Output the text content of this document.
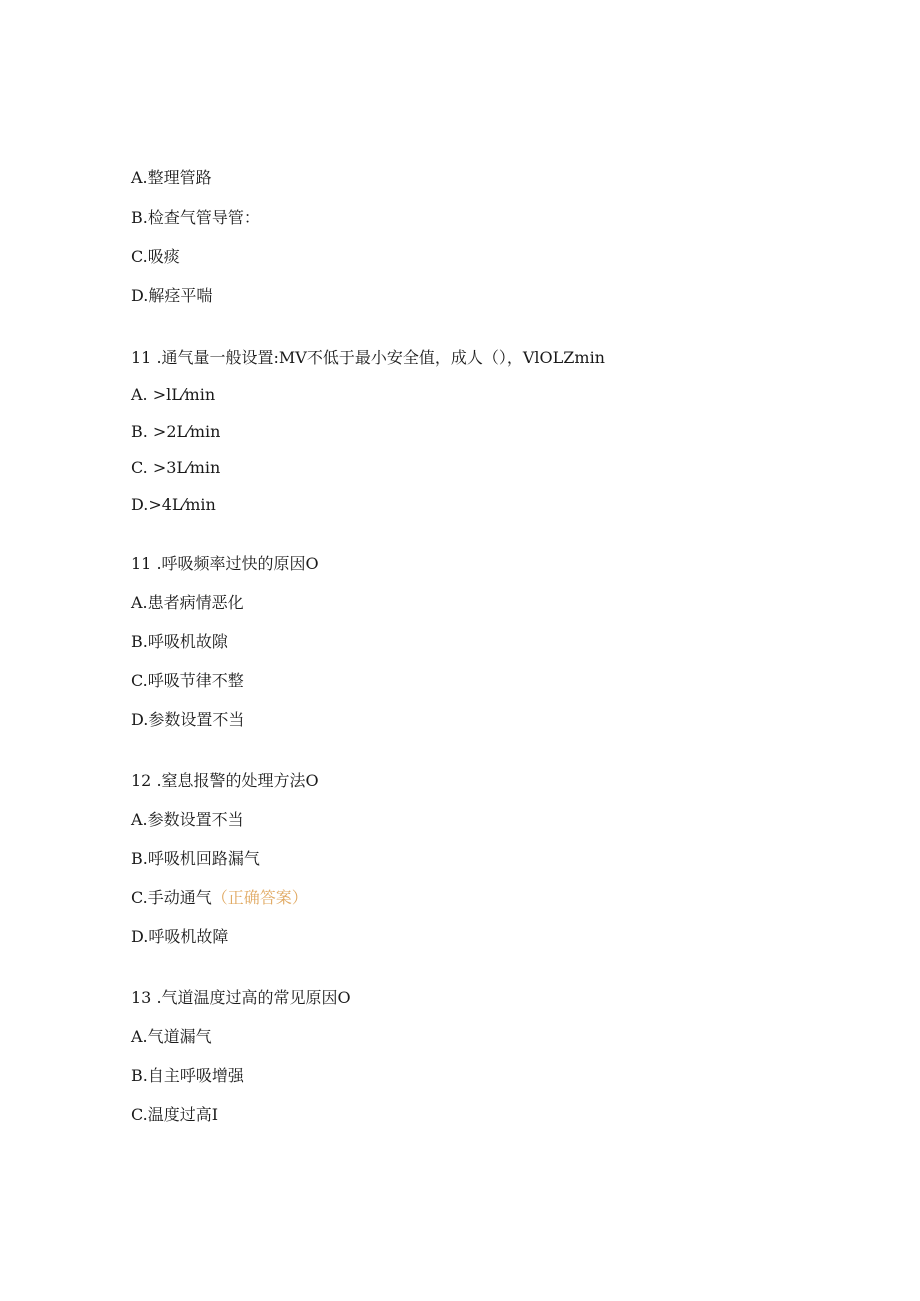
A.整理管路
B.检查气管导管：
C.吸痰
D.解痉平喘
11 .通气量一般设置:MV不低于最小安全值，成人（），VlOLZmin
A. >lL⁄min
B. >2L⁄min
C. >3L⁄min
D.>4L⁄min
11 .呼吸频率过快的原因O
A.患者病情恶化
B.呼吸机故隙
C.呼吸节律不整
D.参数设置不当
12 .窒息报警的处理方法O
A.参数设置不当
B.呼吸机回路漏气
C.手动通气（正确答案）
D.呼吸机故障
13 .气道温度过高的常见原因O
A.气道漏气
B.自主呼吸增强
C.温度过高I
